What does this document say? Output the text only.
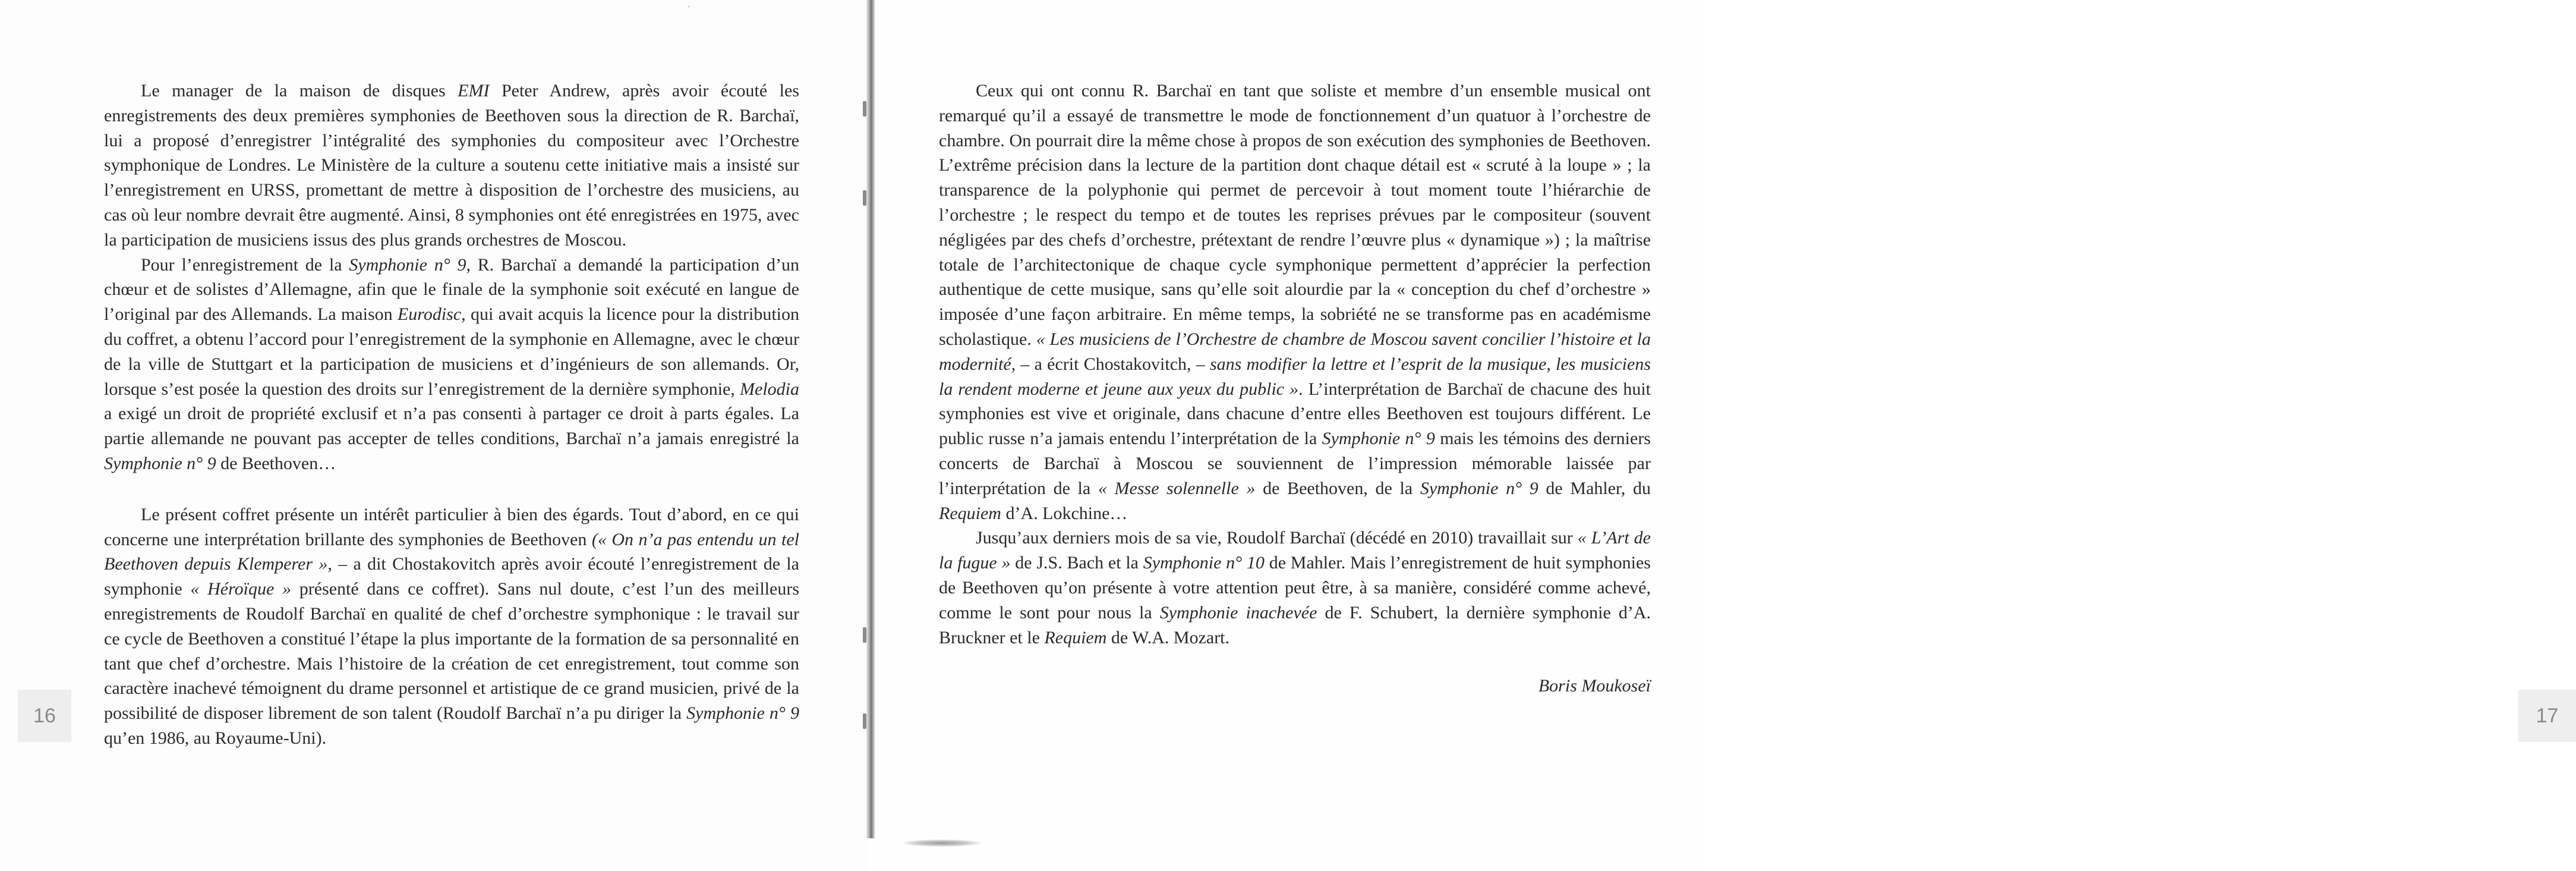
Le manager de la maison de disques EMI Peter Andrew, après avoir écouté les enregistrements des deux premières symphonies de Beethoven sous la direction de R. Barchaï, lui a proposé d’enregistrer l’intégralité des symphonies du compositeur avec l’Orchestre symphonique de Londres. Le Ministère de la culture a soutenu cette initiative mais a insisté sur l’enregistrement en URSS, promettant de mettre à disposition de l’orchestre des musiciens, au cas où leur nombre devrait être augmenté. Ainsi, 8 symphonies ont été enregistrées en 1975, avec la participation de musiciens issus des plus grands orchestres de Moscou.

Pour l’enregistrement de la Symphonie n° 9, R. Barchaï a demandé la participation d’un chœur et de solistes d’Allemagne, afin que le finale de la symphonie soit exécuté en langue de l’original par des Allemands. La maison Eurodisc, qui avait acquis la licence pour la distribution du coffret, a obtenu l’accord pour l’enregistrement de la symphonie en Allemagne, avec le chœur de la ville de Stuttgart et la participation de musiciens et d’ingénieurs de son allemands. Or, lorsque s’est posée la question des droits sur l’enregistrement de la dernière symphonie, Melodia a exigé un droit de propriété exclusif et n’a pas consenti à partager ce droit à parts égales. La partie allemande ne pouvant pas accepter de telles conditions, Barchaï n’a jamais enregistré la Symphonie n° 9 de Beethoven…

Le présent coffret présente un intérêt particulier à bien des égards. Tout d’abord, en ce qui concerne une interprétation brillante des symphonies de Beethoven (« On n’a pas entendu un tel Beethoven depuis Klemperer », – a dit Chostakovitch après avoir écouté l’enregistrement de la symphonie « Héroïque » présenté dans ce coffret). Sans nul doute, c’est l’un des meilleurs enregistrements de Roudolf Barchaï en qualité de chef d’orchestre symphonique : le travail sur ce cycle de Beethoven a constitué l’étape la plus importante de la formation de sa personnalité en tant que chef d’orchestre. Mais l’histoire de la création de cet enregistrement, tout comme son caractère inachevé témoignent du drame personnel et artistique de ce grand musicien, privé de la possibilité de disposer librement de son talent (Roudolf Barchaï n’a pu diriger la Symphonie n° 9 qu’en 1986, au Royaume-Uni).

16

Ceux qui ont connu R. Barchaï en tant que soliste et membre d’un ensemble musical ont remarqué qu’il a essayé de transmettre le mode de fonctionnement d’un quatuor à l’orchestre de chambre. On pourrait dire la même chose à propos de son exécution des symphonies de Beethoven. L’extrême précision dans la lecture de la partition dont chaque détail est « scruté à la loupe » ; la transparence de la polyphonie qui permet de percevoir à tout moment toute l’hiérarchie de l’orchestre ; le respect du tempo et de toutes les reprises prévues par le compositeur (souvent négligées par des chefs d’orchestre, prétextant de rendre l’œuvre plus « dynamique ») ; la maîtrise totale de l’architectonique de chaque cycle symphonique permettent d’apprécier la perfection authentique de cette musique, sans qu’elle soit alourdie par la « conception du chef d’orchestre » imposée d’une façon arbitraire. En même temps, la sobriété ne se transforme pas en académisme scholastique. « Les musiciens de l’Orchestre de chambre de Moscou savent concilier l’histoire et la modernité, – a écrit Chostakovitch, – sans modifier la lettre et l’esprit de la musique, les musiciens la rendent moderne et jeune aux yeux du public ». L’interprétation de Barchaï de chacune des huit symphonies est vive et originale, dans chacune d’entre elles Beethoven est toujours différent. Le public russe n’a jamais entendu l’interprétation de la Symphonie n° 9 mais les témoins des derniers concerts de Barchaï à Moscou se souviennent de l’impression mémorable laissée par l’interprétation de la « Messe solennelle » de Beethoven, de la Symphonie n° 9 de Mahler, du Requiem d’A. Lokchine…

Jusqu’aux derniers mois de sa vie, Roudolf Barchaï (décédé en 2010) travaillait sur « L’Art de la fugue » de J.S. Bach et la Symphonie n° 10 de Mahler. Mais l’enregistrement de huit symphonies de Beethoven qu’on présente à votre attention peut être, à sa manière, considéré comme achevé, comme le sont pour nous la Symphonie inachevée de F. Schubert, la dernière symphonie d’A. Bruckner et le Requiem de W.A. Mozart.

Boris Moukoseï
17
